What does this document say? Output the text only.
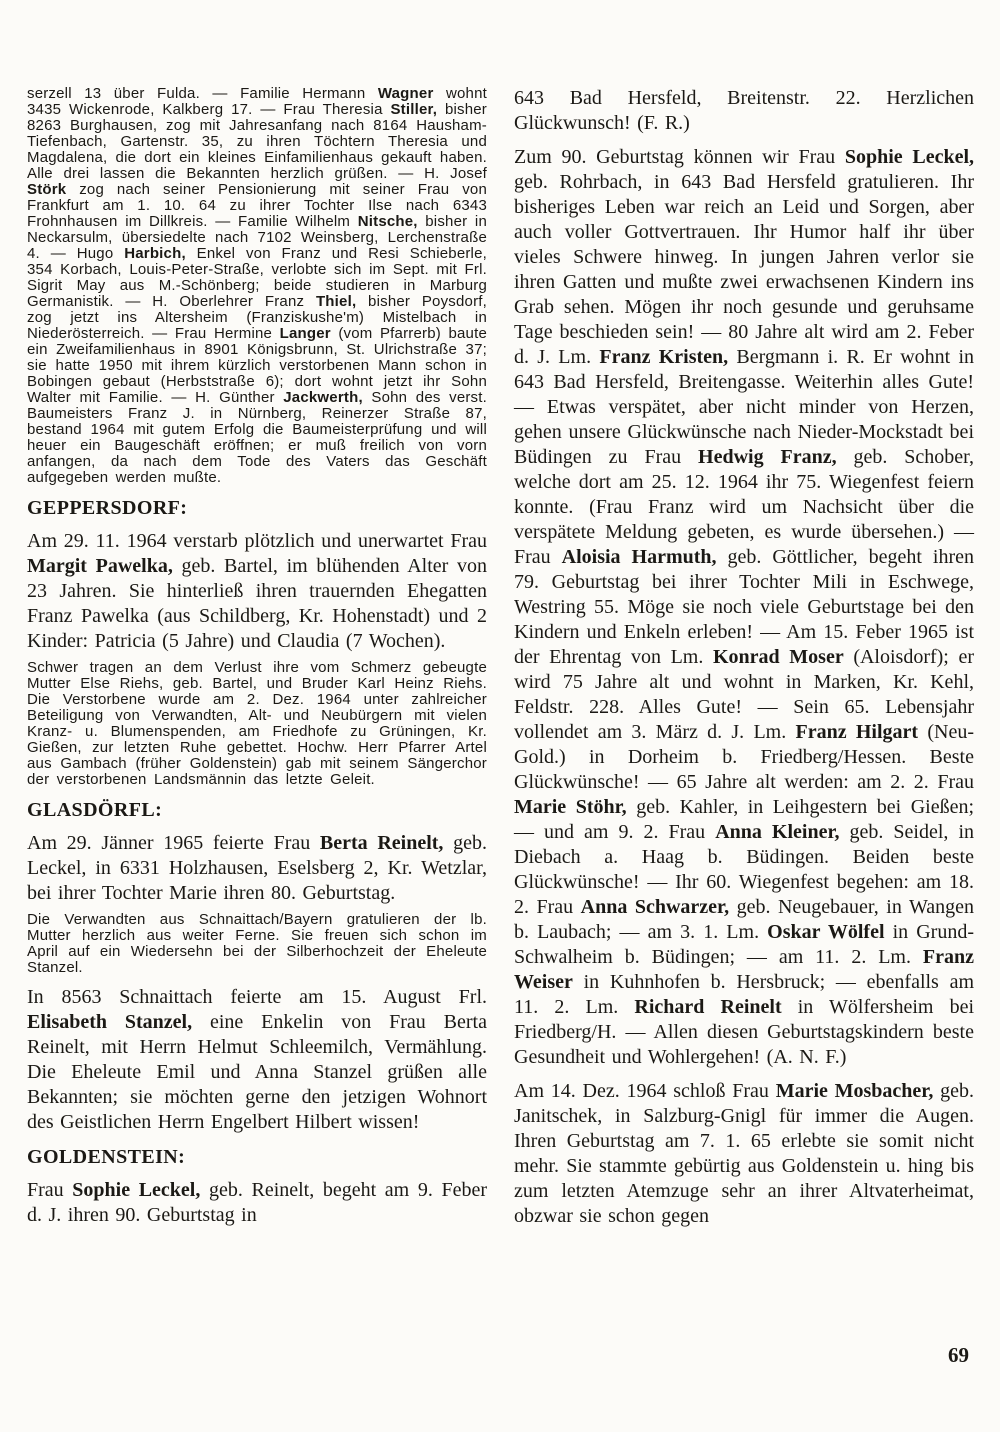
serzell 13 über Fulda. — Familie Hermann Wagner wohnt 3435 Wickenrode, Kalkberg 17. — Frau Theresia Stiller, bisher 8263 Burghausen, zog mit Jahresanfang nach 8164 Hausham-Tiefenbach, Gartenstr. 35, zu ihren Töchtern Theresia und Magdalena, die dort ein kleines Einfamilienhaus gekauft haben. Alle drei lassen die Bekannten herzlich grüßen. — H. Josef Störk zog nach seiner Pensionierung mit seiner Frau von Frankfurt am 1. 10. 64 zu ihrer Tochter Ilse nach 6343 Frohnhausen im Dillkreis. — Familie Wilhelm Nitsche, bisher in Neckarsulm, übersiedelte nach 7102 Weinsberg, Lerchenstraße 4. — Hugo Harbich, Enkel von Franz und Resi Schieberle, 354 Korbach, Louis-Peter-Straße, verlobte sich im Sept. mit Frl. Sigrit May aus M.-Schönberg; beide studieren in Marburg Germanistik. — H. Oberlehrer Franz Thiel, bisher Poysdorf, zog jetzt ins Altersheim (Franziskushe'm) Mistelbach in Niederösterreich. — Frau Hermine Langer (vom Pfarrerb) baute ein Zweifamilienhaus in 8901 Königsbrunn, St. Ulrichstraße 37; sie hatte 1950 mit ihrem kürzlich verstorbenen Mann schon in Bobingen gebaut (Herbststraße 6); dort wohnt jetzt ihr Sohn Walter mit Familie. — H. Günther Jackwerth, Sohn des verst. Baumeisters Franz J. in Nürnberg, Reinerzer Straße 87, bestand 1964 mit gutem Erfolg die Baumeisterprüfung und will heuer ein Baugeschäft eröffnen; er muß freilich von vorn anfangen, da nach dem Tode des Vaters das Geschäft aufgegeben werden mußte.

GEPPERSDORF:

Am 29. 11. 1964 verstarb plötzlich und unerwartet Frau Margit Pawelka, geb. Bartel, im blühenden Alter von 23 Jahren. Sie hinterließ ihren trauernden Ehegatten Franz Pawelka (aus Schildberg, Kr. Hohenstadt) und 2 Kinder: Patricia (5 Jahre) und Claudia (7 Wochen).

Schwer tragen an dem Verlust ihre vom Schmerz gebeugte Mutter Else Riehs, geb. Bartel, und Bruder Karl Heinz Riehs. Die Verstorbene wurde am 2. Dez. 1964 unter zahlreicher Beteiligung von Verwandten, Alt- und Neubürgern mit vielen Kranz- u. Blumenspenden, am Friedhofe zu Grüningen, Kr. Gießen, zur letzten Ruhe gebettet. Hochw. Herr Pfarrer Artel aus Gambach (früher Goldenstein) gab mit seinem Sängerchor der verstorbenen Landsmännin das letzte Geleit.

GLASDÖRFL:

Am 29. Jänner 1965 feierte Frau Berta Reinelt, geb. Leckel, in 6331 Holzhausen, Eselsberg 2, Kr. Wetzlar, bei ihrer Tochter Marie ihren 80. Geburtstag.

Die Verwandten aus Schnaittach/Bayern gratulieren der lb. Mutter herzlich aus weiter Ferne. Sie freuen sich schon im April auf ein Wiedersehn bei der Silberhochzeit der Eheleute Stanzel.

In 8563 Schnaittach feierte am 15. August Frl. Elisabeth Stanzel, eine Enkelin von Frau Berta Reinelt, mit Herrn Helmut Schleemilch, Vermählung. Die Eheleute Emil und Anna Stanzel grüßen alle Bekannten; sie möchten gerne den jetzigen Wohnort des Geistlichen Herrn Engelbert Hilbert wissen!

GOLDENSTEIN:

Frau Sophie Leckel, geb. Reinelt, begeht am 9. Feber d. J. ihren 90. Geburtstag in

643 Bad Hersfeld, Breitenstr. 22. Herzlichen Glückwunsch! (F. R.)

Zum 90. Geburtstag können wir Frau Sophie Leckel, geb. Rohrbach, in 643 Bad Hersfeld gratulieren. Ihr bisheriges Leben war reich an Leid und Sorgen, aber auch voller Gottvertrauen. Ihr Humor half ihr über vieles Schwere hinweg. In jungen Jahren verlor sie ihren Gatten und mußte zwei erwachsenen Kindern ins Grab sehen. Mögen ihr noch gesunde und geruhsame Tage beschieden sein! — 80 Jahre alt wird am 2. Feber d. J. Lm. Franz Kristen, Bergmann i. R. Er wohnt in 643 Bad Hersfeld, Breitengasse. Weiterhin alles Gute! — Etwas verspätet, aber nicht minder von Herzen, gehen unsere Glückwünsche nach Nieder-Mockstadt bei Büdingen zu Frau Hedwig Franz, geb. Schober, welche dort am 25. 12. 1964 ihr 75. Wiegenfest feiern konnte. (Frau Franz wird um Nachsicht über die verspätete Meldung gebeten, es wurde übersehen.) — Frau Aloisia Harmuth, geb. Göttlicher, begeht ihren 79. Geburtstag bei ihrer Tochter Mili in Eschwege, Westring 55. Möge sie noch viele Geburtstage bei den Kindern und Enkeln erleben! — Am 15. Feber 1965 ist der Ehrentag von Lm. Konrad Moser (Aloisdorf); er wird 75 Jahre alt und wohnt in Marken, Kr. Kehl, Feldstr. 228. Alles Gute! — Sein 65. Lebensjahr vollendet am 3. März d. J. Lm. Franz Hilgart (Neu-Gold.) in Dorheim b. Friedberg/Hessen. Beste Glückwünsche! — 65 Jahre alt werden: am 2. 2. Frau Marie Stöhr, geb. Kahler, in Leihgestern bei Gießen; — und am 9. 2. Frau Anna Kleiner, geb. Seidel, in Diebach a. Haag b. Büdingen. Beiden beste Glückwünsche! — Ihr 60. Wiegenfest begehen: am 18. 2. Frau Anna Schwarzer, geb. Neugebauer, in Wangen b. Laubach; — am 3. 1. Lm. Oskar Wölfel in Grund-Schwalheim b. Büdingen; — am 11. 2. Lm. Franz Weiser in Kuhnhofen b. Hersbruck; — ebenfalls am 11. 2. Lm. Richard Reinelt in Wölfersheim bei Friedberg/H. — Allen diesen Geburtstagskindern beste Gesundheit und Wohlergehen! (A. N. F.)

Am 14. Dez. 1964 schloß Frau Marie Mosbacher, geb. Janitschek, in Salzburg-Gnigl für immer die Augen. Ihren Geburtstag am 7. 1. 65 erlebte sie somit nicht mehr. Sie stammte gebürtig aus Goldenstein u. hing bis zum letzten Atemzuge sehr an ihrer Altvaterheimat, obzwar sie schon gegen

69
